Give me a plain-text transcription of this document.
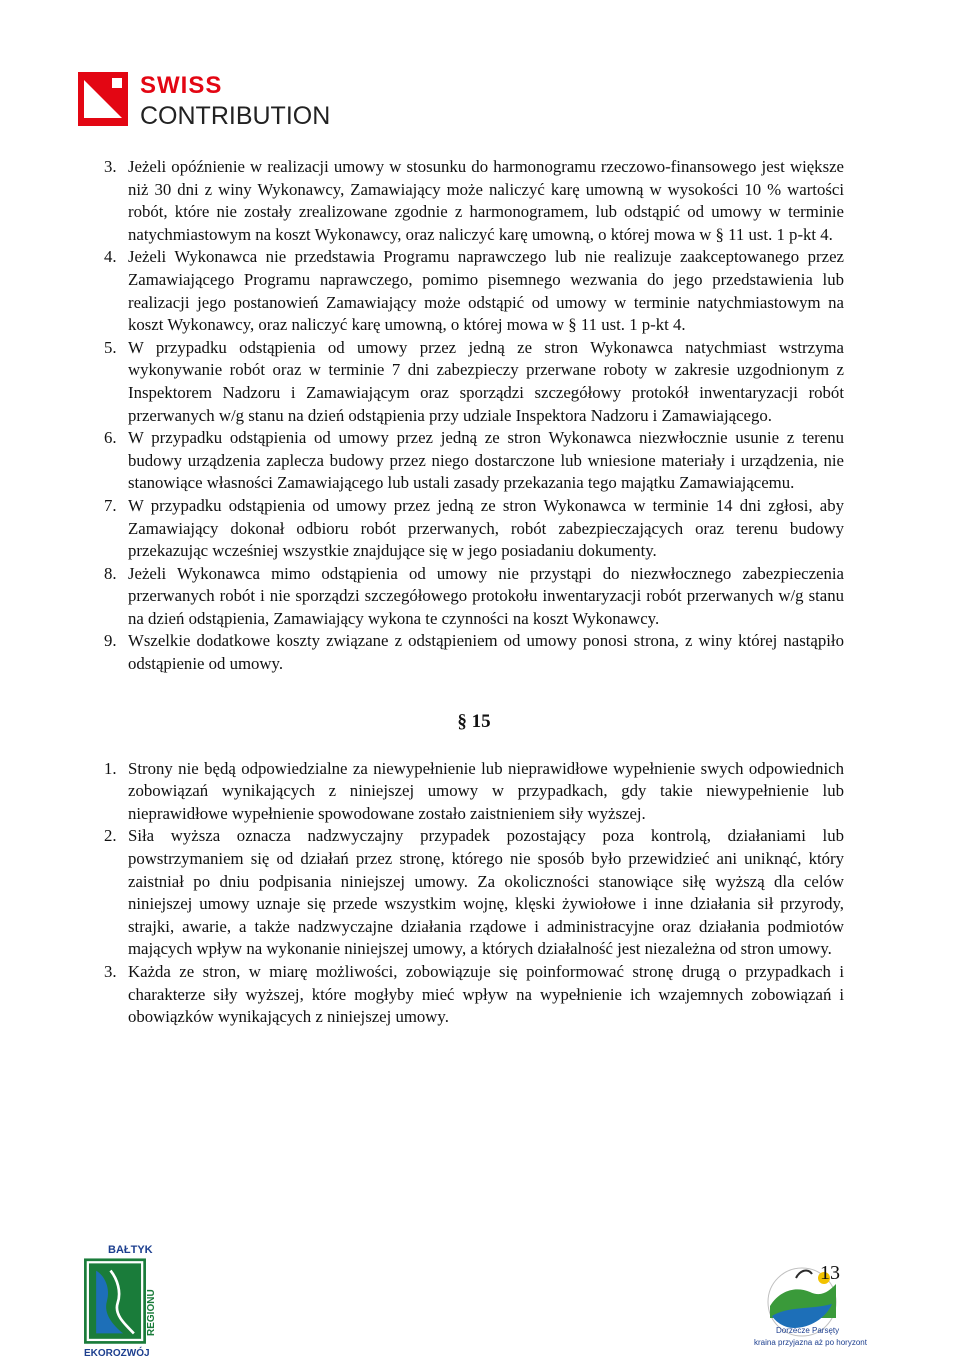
SWISS
CONTRIBUTION
3. Jeżeli opóźnienie w realizacji umowy w stosunku do harmonogramu rzeczowo-finansowego jest większe niż 30 dni z winy Wykonawcy, Zamawiający może naliczyć karę umowną w wysokości 10 % wartości robót, które nie zostały zrealizowane zgodnie z harmonogramem, lub odstąpić od umowy w terminie natychmiastowym na koszt Wykonawcy, oraz naliczyć karę umowną, o której mowa w § 11 ust. 1 p-kt 4.
4. Jeżeli Wykonawca nie przedstawia Programu naprawczego lub nie realizuje zaakceptowanego przez Zamawiającego Programu naprawczego, pomimo pisemnego wezwania do jego przedstawienia lub realizacji jego postanowień Zamawiający może odstąpić od umowy w terminie natychmiastowym na koszt Wykonawcy, oraz naliczyć karę umowną, o której mowa w § 11 ust. 1 p-kt 4.
5. W przypadku odstąpienia od umowy przez jedną ze stron Wykonawca natychmiast wstrzyma wykonywanie robót oraz w terminie 7 dni zabezpieczy przerwane roboty w zakresie uzgodnionym z Inspektorem Nadzoru i Zamawiającym oraz sporządzi szczegółowy protokół inwentaryzacji robót przerwanych w/g stanu na dzień odstąpienia przy udziale Inspektora Nadzoru i Zamawiającego.
6. W przypadku odstąpienia od umowy przez jedną ze stron Wykonawca niezwłocznie usunie z terenu budowy urządzenia zaplecza budowy przez niego dostarczone lub wniesione materiały i urządzenia, nie stanowiące własności Zamawiającego lub ustali zasady przekazania tego majątku Zamawiającemu.
7. W przypadku odstąpienia od umowy przez jedną ze stron Wykonawca w terminie 14 dni zgłosi, aby Zamawiający dokonał odbioru robót przerwanych, robót zabezpieczających oraz terenu budowy przekazując wcześniej wszystkie znajdujące się w jego posiadaniu dokumenty.
8. Jeżeli Wykonawca mimo odstąpienia od umowy nie przystąpi do niezwłocznego zabezpieczenia przerwanych robót i nie sporządzi szczegółowego protokołu inwentaryzacji robót przerwanych w/g stanu na dzień odstąpienia, Zamawiający wykona te czynności na koszt Wykonawcy.
9. Wszelkie dodatkowe koszty związane z odstąpieniem od umowy ponosi strona, z winy której nastąpiło odstąpienie od umowy.
§ 15
1. Strony nie będą odpowiedzialne za niewypełnienie lub nieprawidłowe wypełnienie swych odpowiednich zobowiązań wynikających z niniejszej umowy w przypadkach, gdy takie niewypełnienie lub nieprawidłowe wypełnienie spowodowane zostało zaistnieniem siły wyższej.
2. Siła wyższa oznacza nadzwyczajny przypadek pozostający poza kontrolą, działaniami lub powstrzymaniem się od działań przez stronę, którego nie sposób było przewidzieć ani uniknąć, który zaistniał po dniu podpisania niniejszej umowy. Za okoliczności stanowiące siłę wyższą dla celów niniejszej umowy uznaje się przede wszystkim wojnę, klęski żywiołowe i inne działania sił przyrody, strajki, awarie, a także nadzwyczajne działania rządowe i administracyjne oraz działania podmiotów mających wpływ na wykonanie niniejszej umowy, a których działalność jest niezależna od stron umowy.
3. Każda ze stron, w miarę możliwości, zobowiązuje się poinformować stronę drugą o przypadkach i charakterze siły wyższej, które mogłyby mieć wpływ na wypełnienie ich wzajemnych zobowiązań i obowiązków wynikających z niniejszej umowy.
BAŁTYK
REGIONU
EKOROZWÓJ
Dorzecze Parsęty
kraina przyjazna aż po horyzont
13
